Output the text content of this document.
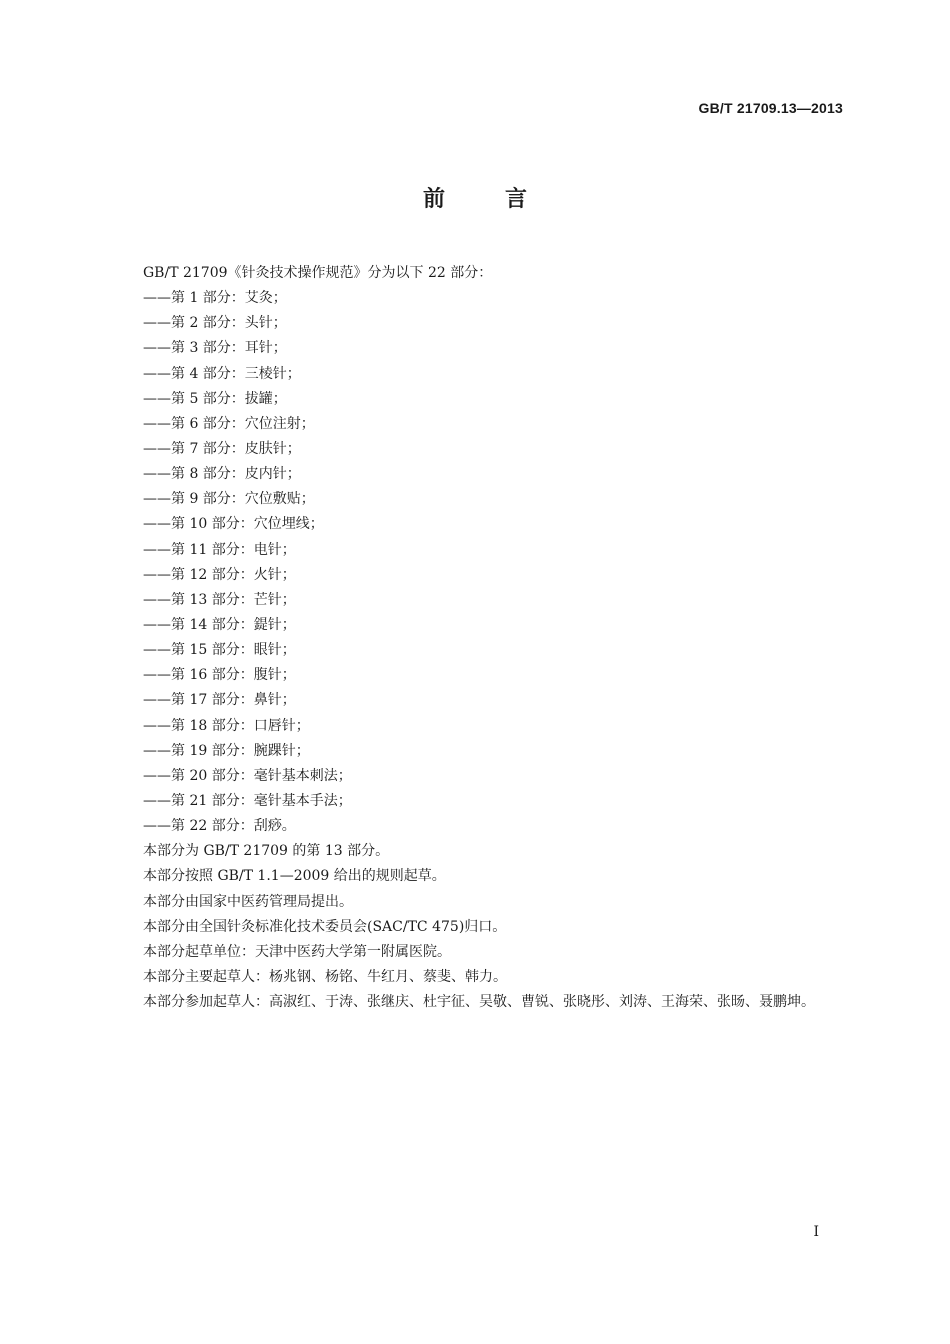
GB/T 21709.13—2013
前言
GB/T 21709《针灸技术操作规范》分为以下 22 部分：
——第 1 部分：艾灸；
——第 2 部分：头针；
——第 3 部分：耳针；
——第 4 部分：三棱针；
——第 5 部分：拔罐；
——第 6 部分：穴位注射；
——第 7 部分：皮肤针；
——第 8 部分：皮内针；
——第 9 部分：穴位敷贴；
——第 10 部分：穴位埋线；
——第 11 部分：电针；
——第 12 部分：火针；
——第 13 部分：芒针；
——第 14 部分：鍉针；
——第 15 部分：眼针；
——第 16 部分：腹针；
——第 17 部分：鼻针；
——第 18 部分：口唇针；
——第 19 部分：腕踝针；
——第 20 部分：毫针基本刺法；
——第 21 部分：毫针基本手法；
——第 22 部分：刮痧。
本部分为 GB/T 21709 的第 13 部分。
本部分按照 GB/T 1.1—2009 给出的规则起草。
本部分由国家中医药管理局提出。
本部分由全国针灸标准化技术委员会(SAC/TC 475)归口。
本部分起草单位：天津中医药大学第一附属医院。
本部分主要起草人：杨兆钢、杨铭、牛红月、蔡斐、韩力。
本部分参加起草人：高淑红、于涛、张继庆、杜宇征、吴敬、曹锐、张晓彤、刘涛、王海荣、张旸、聂鹏坤。
I
